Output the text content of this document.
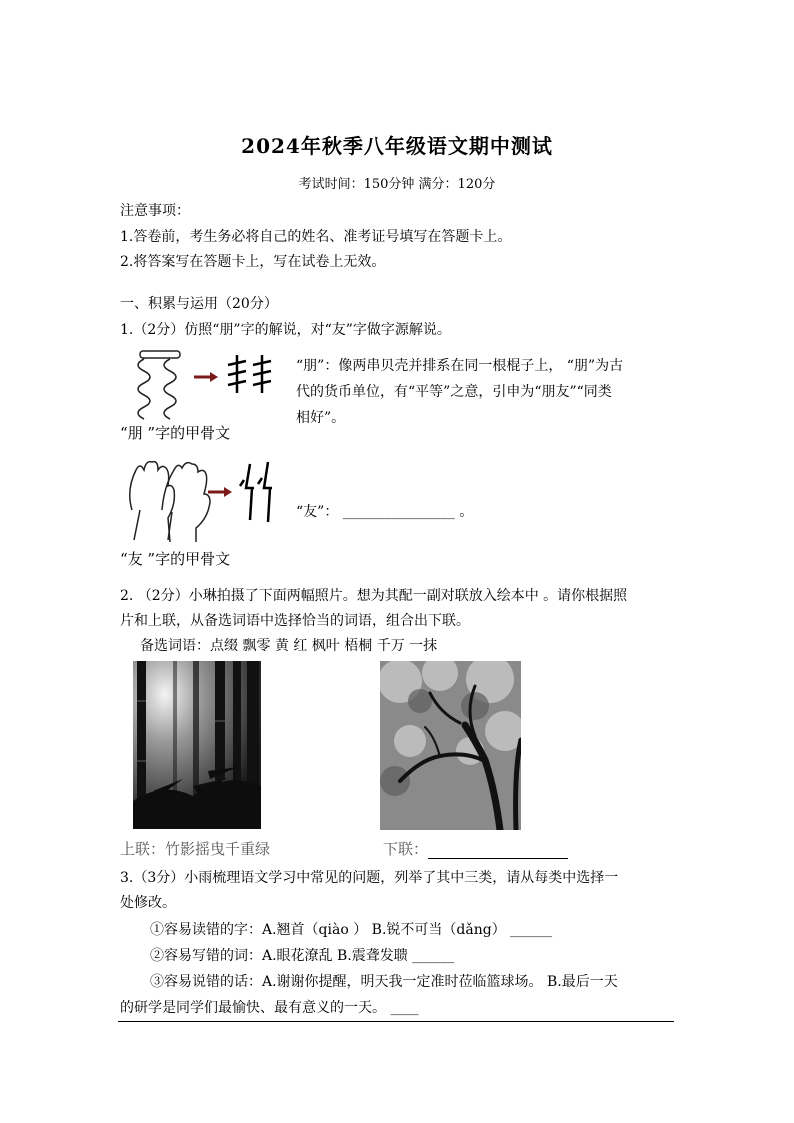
2024年秋季八年级语文期中测试
考试时间：150分钟 满分：120分
注意事项：
1.答卷前，考生务必将自己的姓名、准考证号填写在答题卡上。
2.将答案写在答题卡上，写在试卷上无效。
一、积累与运用（20分）
1.（2分）仿照“朋”字的解说，对“友”字做字源解说。
“朋 ”字的甲骨文
“朋”：像两串贝壳并排系在同一根棍子上， “朋”为古
代的货币单位，有“平等”之意，引申为“朋友”“同类
相好”。
“友 ”字的甲骨文
“友”： ________________ 。
2. （2分）小琳拍摄了下面两幅照片。想为其配一副对联放入绘本中 。请你根据照
片和上联，从备选词语中选择恰当的词语，组合出下联。
备选词语：点缀 飘零 黄 红 枫叶 梧桐 千万 一抹
上联：竹影摇曳千重绿	下联：
3.（3分）小雨梳理语文学习中常见的问题，列举了其中三类，请从每类中选择一
处修改。
①容易读错的字：A.翘首（qiào ） B.锐不可当（dǎng） ______
②容易写错的词：A.眼花潦乱 B.震聋发聩 ______
③容易说错的话：A.谢谢你提醒，明天我一定准时莅临篮球场。 B.最后一天
的研学是同学们最愉快、最有意义的一天。 ____
